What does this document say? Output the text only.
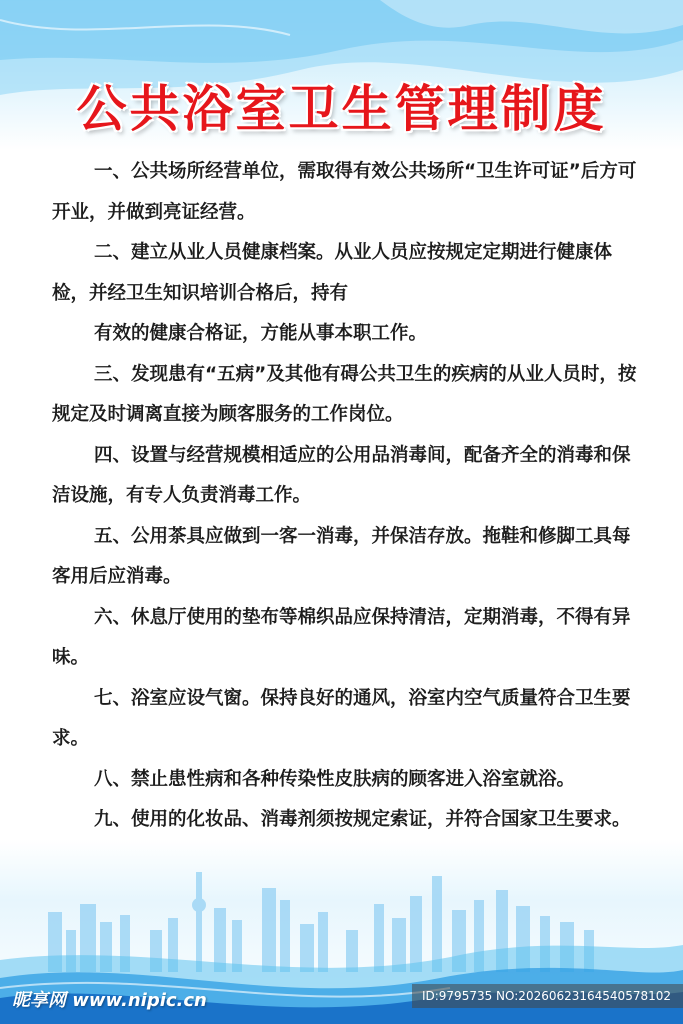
公共浴室卫生管理制度

一、公共场所经营单位，需取得有效公共场所“卫生许可证”后方可开业，并做到亮证经营。

二、建立从业人员健康档案。从业人员应按规定定期进行健康体检，并经卫生知识培训合格后，持有

有效的健康合格证，方能从事本职工作。

三、发现患有“五病”及其他有碍公共卫生的疾病的从业人员时，按规定及时调离直接为顾客服务的工作岗位。

四、设置与经营规模相适应的公用品消毒间，配备齐全的消毒和保洁设施，有专人负责消毒工作。

五、公用茶具应做到一客一消毒，并保洁存放。拖鞋和修脚工具每客用后应消毒。

六、休息厅使用的垫布等棉织品应保持清洁，定期消毒，不得有异味。

七、浴室应设气窗。保持良好的通风，浴室内空气质量符合卫生要求。

八、禁止患性病和各种传染性皮肤病的顾客进入浴室就浴。

九、使用的化妆品、消毒剂须按规定索证，并符合国家卫生要求。

昵享网 www.nipic.cn	ID:9795735 NO:20260623164540578102
